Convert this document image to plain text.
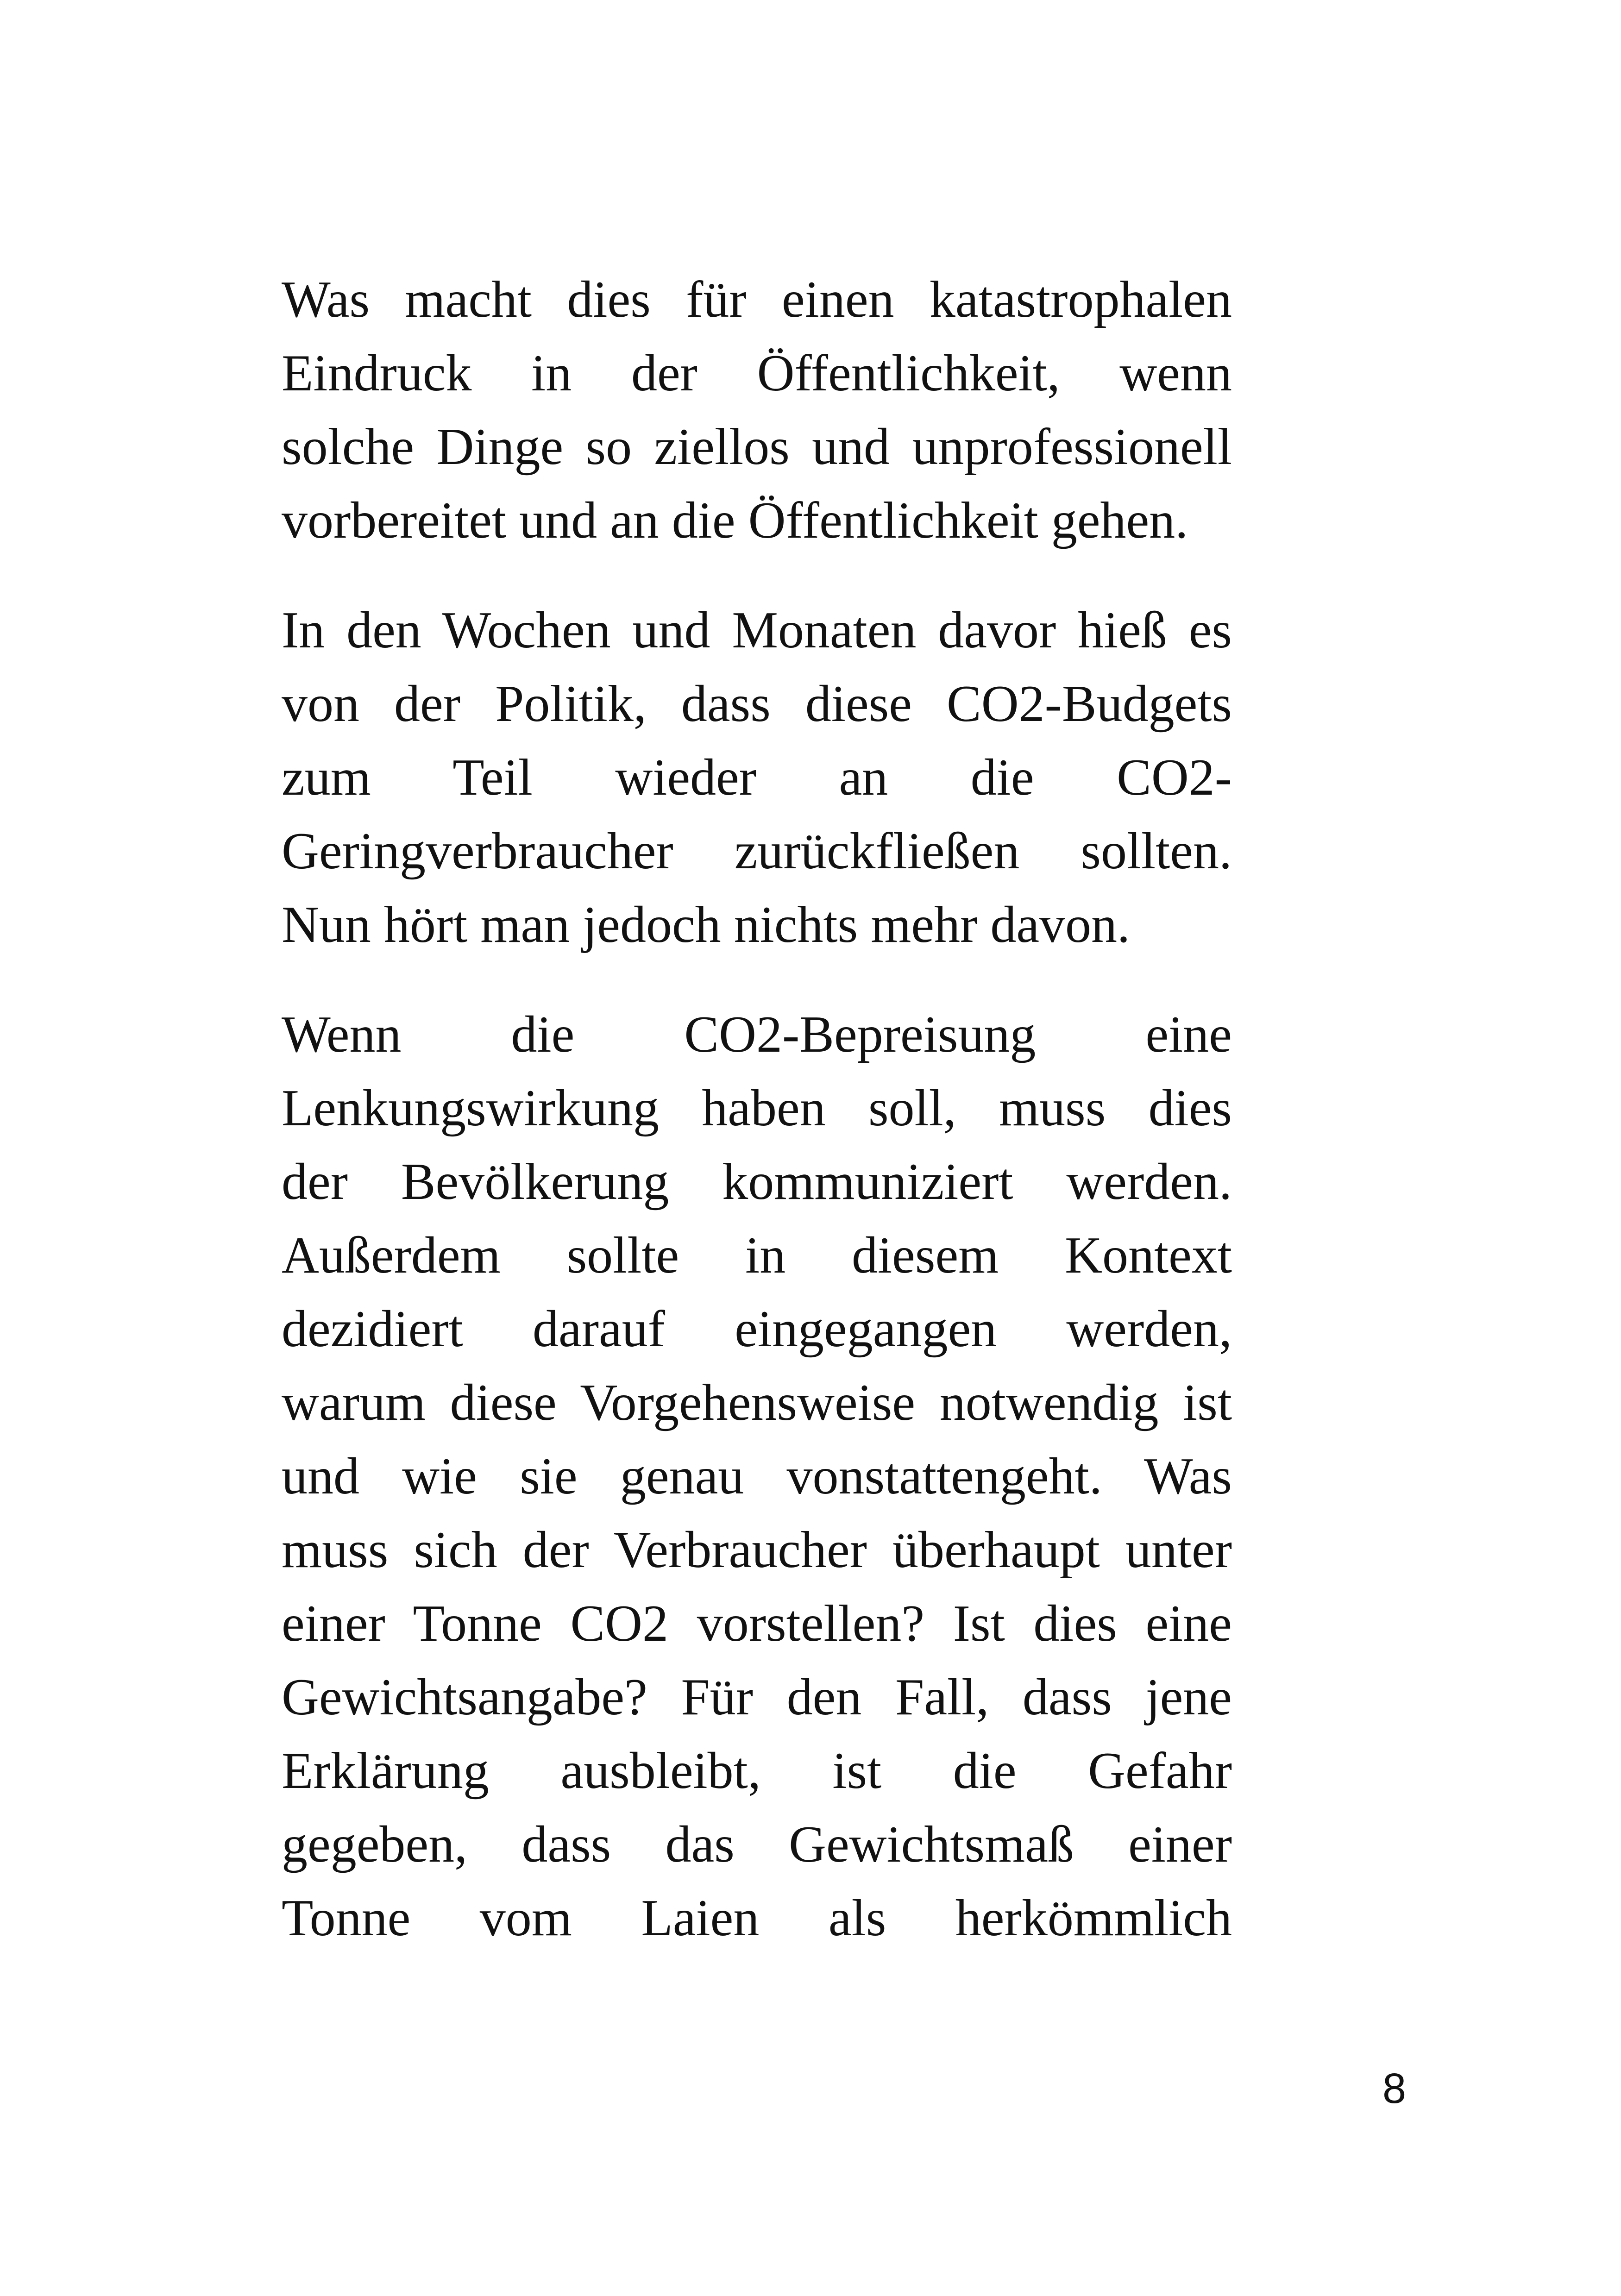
Was macht dies für einen katastrophalen
Eindruck in der Öffentlichkeit, wenn
solche Dinge so ziellos und unprofessionell
vorbereitet und an die Öffentlichkeit gehen.

In den Wochen und Monaten davor hieß es
von der Politik, dass diese CO2-Budgets
zum Teil wieder an die CO2-
Geringverbraucher zurückfließen sollten.
Nun hört man jedoch nichts mehr davon.

Wenn die CO2-Bepreisung eine
Lenkungswirkung haben soll, muss dies
der Bevölkerung kommuniziert werden.
Außerdem sollte in diesem Kontext
dezidiert darauf eingegangen werden,
warum diese Vorgehensweise notwendig ist
und wie sie genau vonstattengeht. Was
muss sich der Verbraucher überhaupt unter
einer Tonne CO2 vorstellen? Ist dies eine
Gewichtsangabe? Für den Fall, dass jene
Erklärung ausbleibt, ist die Gefahr
gegeben, dass das Gewichtsmaß einer
Tonne vom Laien als herkömmlich

8
